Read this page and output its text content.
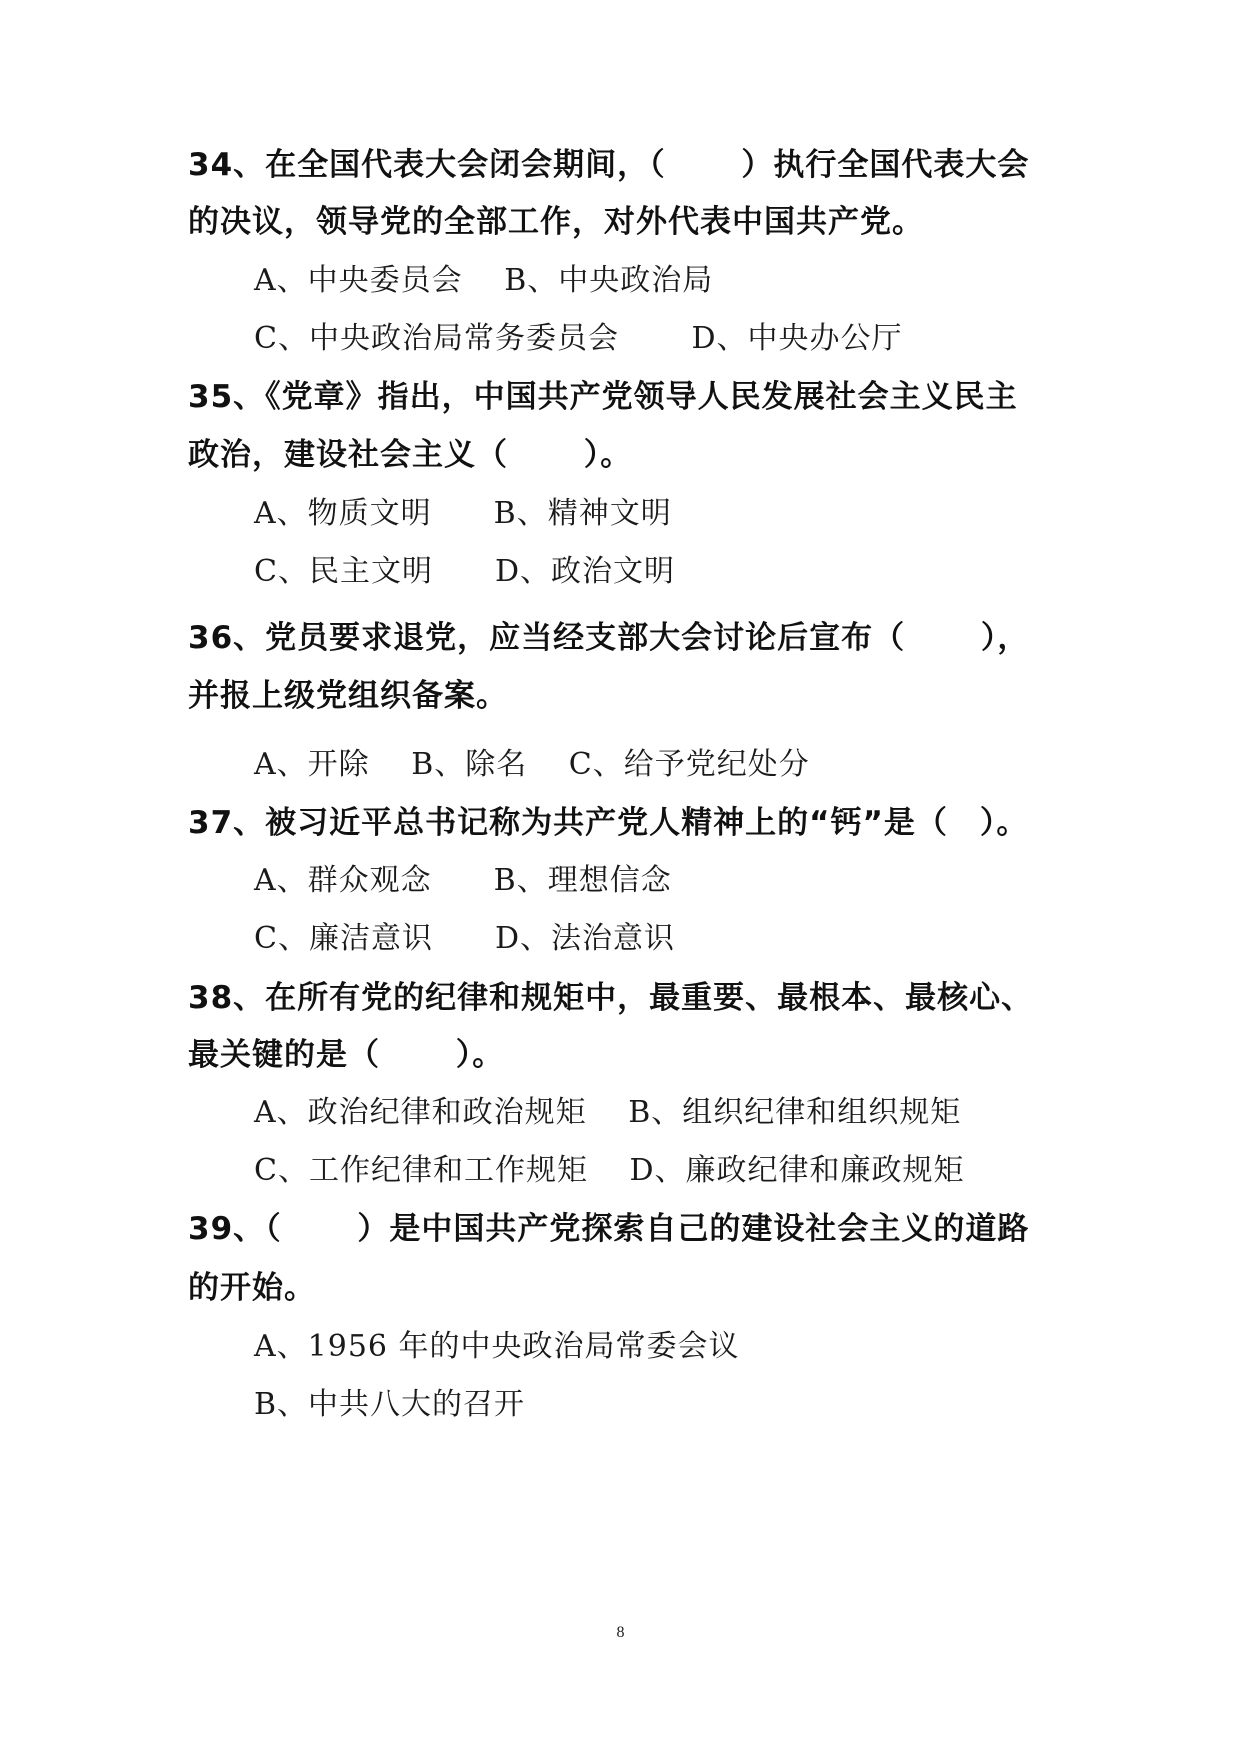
34、在全国代表大会闭会期间，（　　 ）执行全国代表大会
的决议，领导党的全部工作，对外代表中国共产党。
A、中央委员会　 B、中央政治局
C、中央政治局常务委员会　　 D、中央办公厅
35、《党章》指出，中国共产党领导人民发展社会主义民主
政治，建设社会主义（　　 ）。
A、物质文明　　B、精神文明
C、民主文明　　D、政治文明
36、党员要求退党，应当经支部大会讨论后宣布（　　 ），
并报上级党组织备案。
A、开除　 B、除名　 C、给予党纪处分
37、被习近平总书记称为共产党人精神上的“钙”是（　）。
A、群众观念　　B、理想信念
C、廉洁意识　　D、法治意识
38、在所有党的纪律和规矩中，最重要、最根本、最核心、
最关键的是（　　 ）。
A、政治纪律和政治规矩　 B、组织纪律和组织规矩
C、工作纪律和工作规矩　 D、廉政纪律和廉政规矩
39、（　　 ）是中国共产党探索自己的建设社会主义的道路
的开始。
A、1956 年的中央政治局常委会议
B、中共八大的召开
8
